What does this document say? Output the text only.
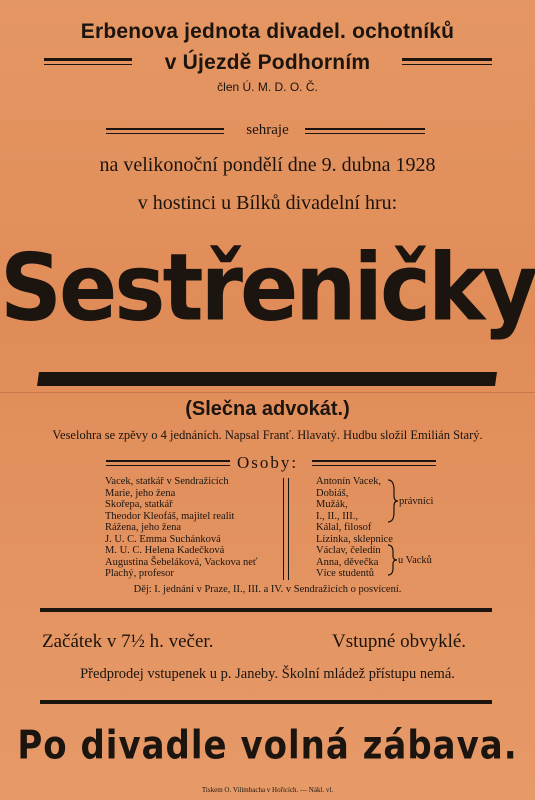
Erbenova jednota divadel. ochotníků
v Újezdě Podhorním
člen Ú. M. D. O. Č.
sehraje
na velikonoční pondělí dne 9. dubna 1928
v hostinci u Bílků divadelní hru:
Sestřeničky
(Slečna advokát.)
Veselohra se zpěvy o 4 jednáních. Napsal Franť. Hlavatý. Hudbu složil Emilián Starý.
Osoby:
Vacek, statkář v Sendražicích
Marie, jeho žena
Skořepa, statkář
Theodor Kleofáš, majitel realit
Rážena, jeho žena
J. U. C. Emma Suchánková
M. U. C. Helena Kadečková
Augustina Šebeláková, Vackova neť
Plachý, profesor
Antonín Vacek,
Dobiáš,
Mužák,
I., II., III.,
Kálal, filosof
Lízinka, sklepnice
Václav, čeledín
Anna, děvečka
Více studentů
právníci
u Vacků
Děj: I. jednání v Praze, II., III. a IV. v Sendražicích o posvícení.
Začátek v 7½ h. večer.	Vstupné obvyklé.
Předprodej vstupenek u p. Janeby. Školní mládež přístupu nemá.
Po divadle volná zábava.
Tiskem O. Vilímbacha v Hořicích. — Nákl. vl.
